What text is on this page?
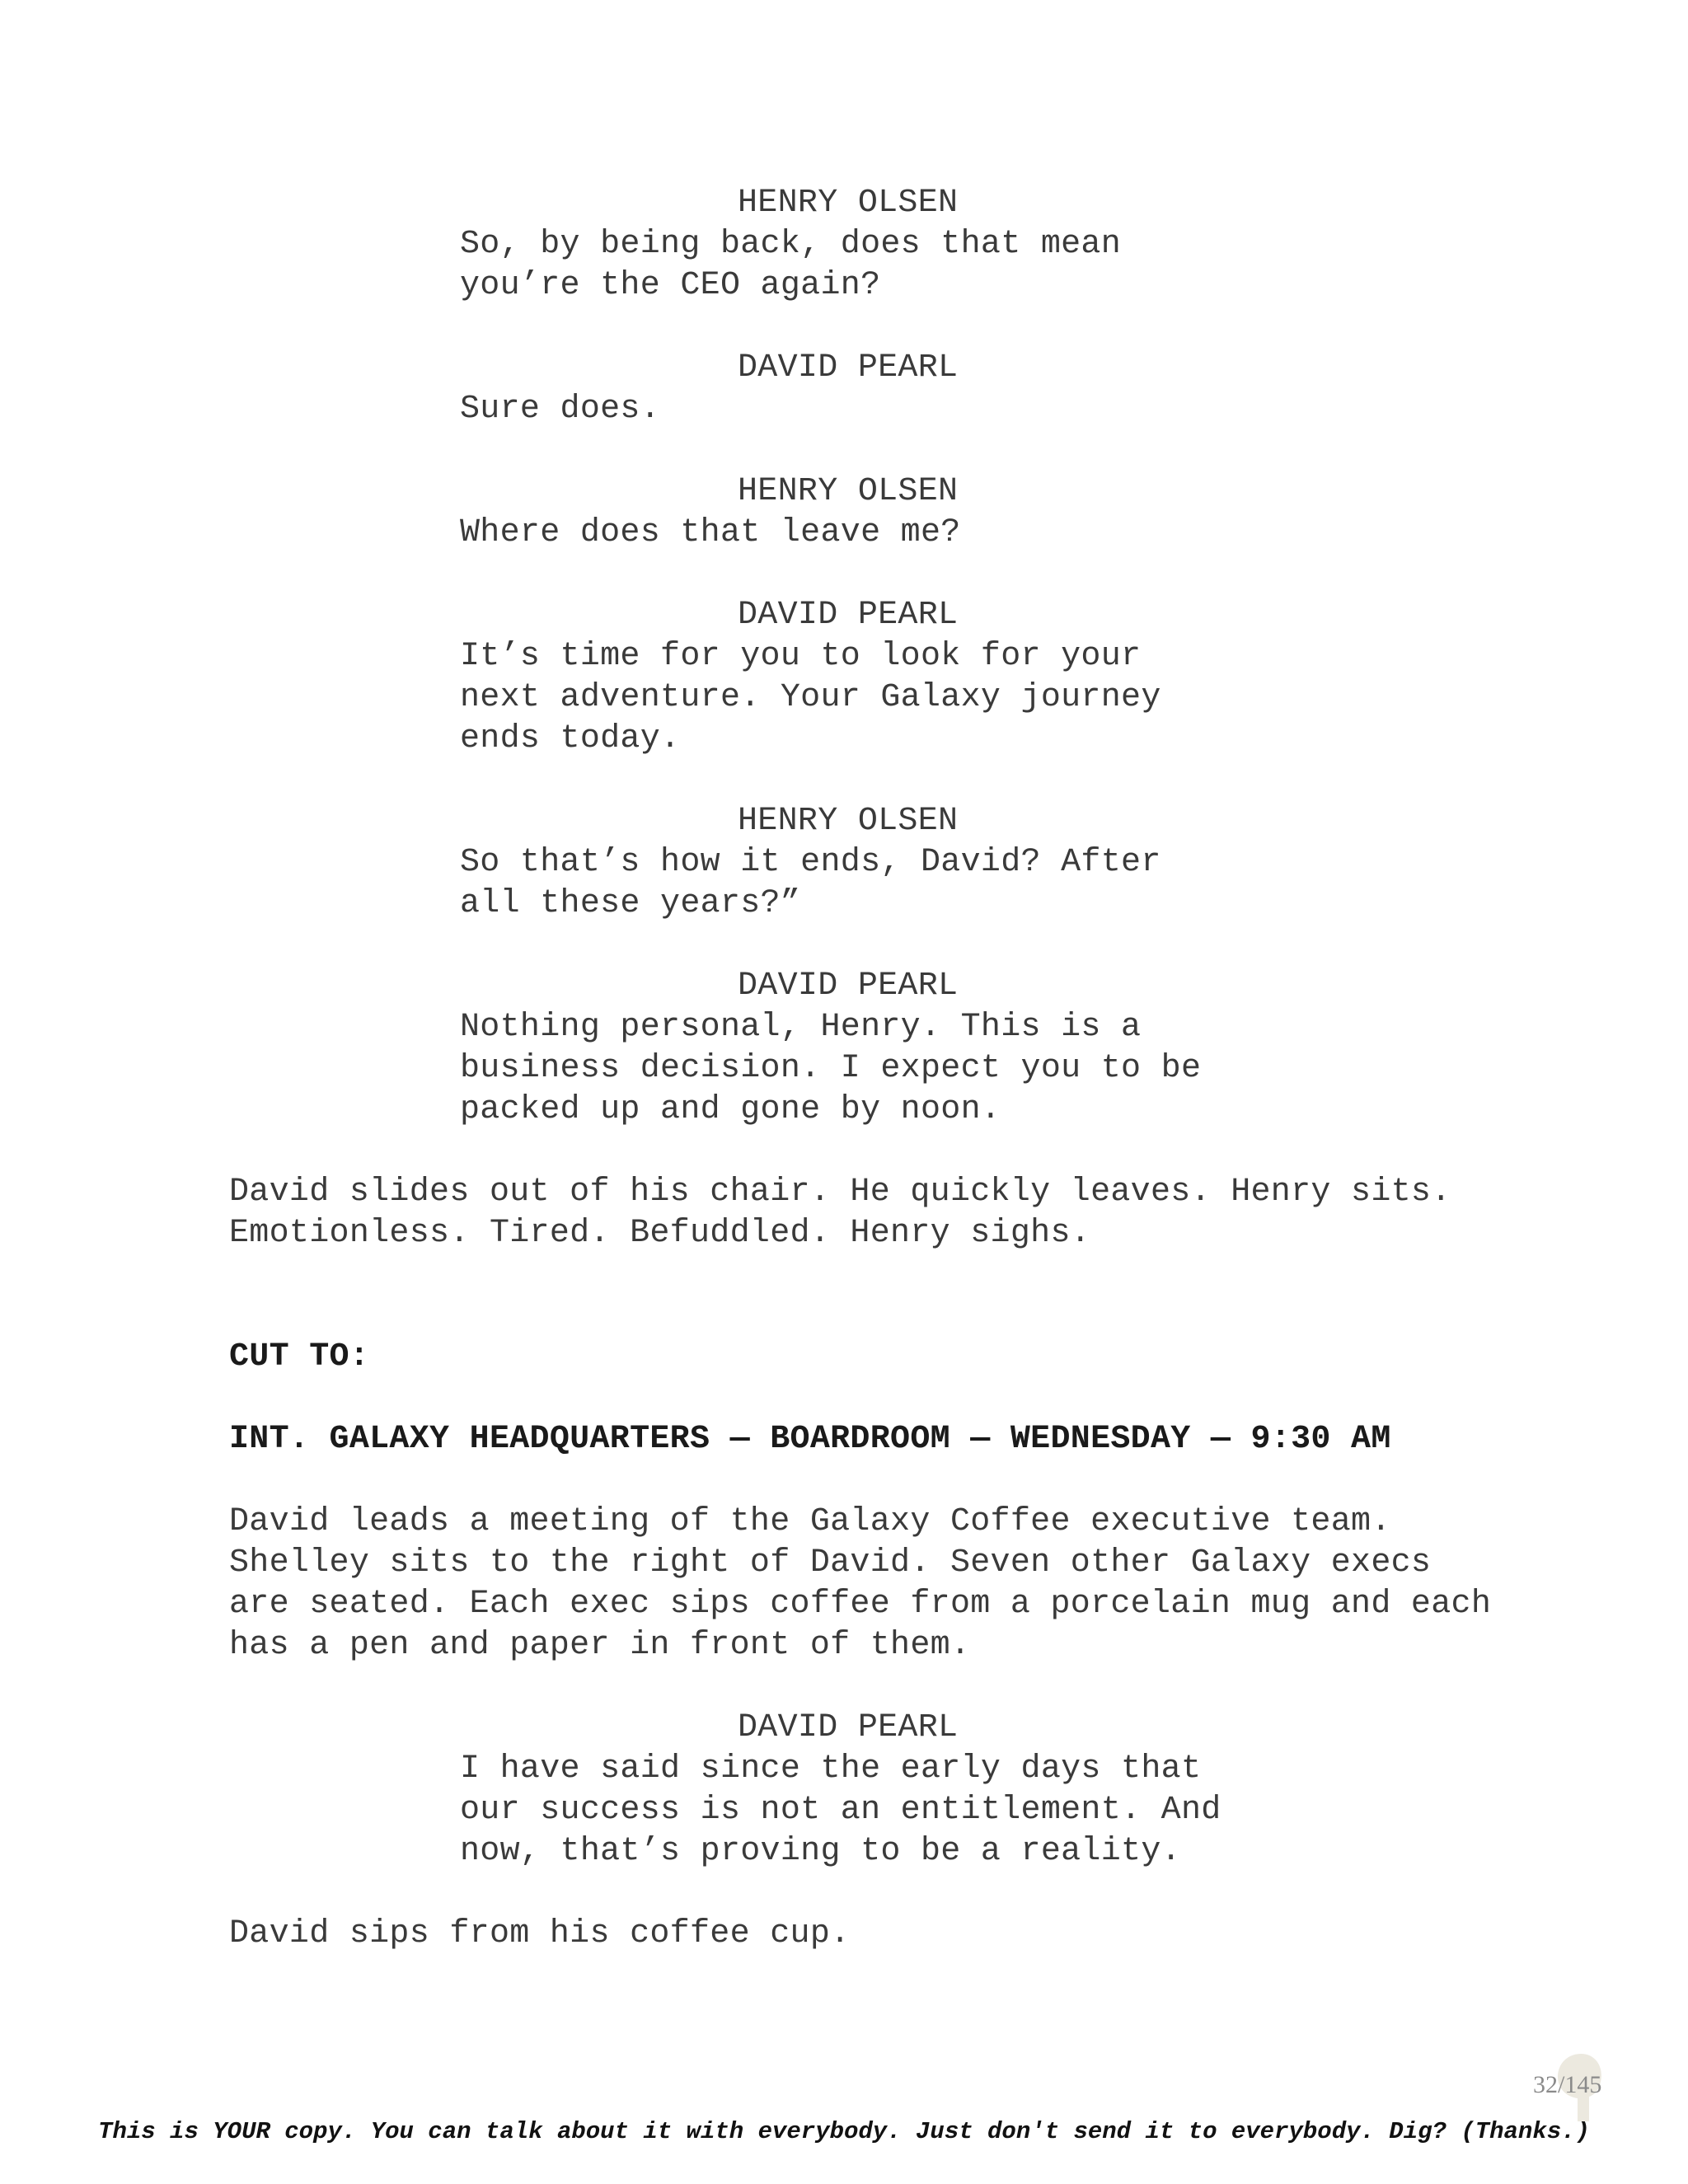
HENRY OLSEN
So, by being back, does that mean
you’re the CEO again?
DAVID PEARL
Sure does.
HENRY OLSEN
Where does that leave me?
DAVID PEARL
It’s time for you to look for your
next adventure. Your Galaxy journey
ends today.
HENRY OLSEN
So that’s how it ends, David? After
all these years?”
DAVID PEARL
Nothing personal, Henry. This is a
business decision. I expect you to be
packed up and gone by noon.
David slides out of his chair. He quickly leaves. Henry sits.
Emotionless. Tired. Befuddled. Henry sighs.
CUT TO:
INT. GALAXY HEADQUARTERS — BOARDROOM — WEDNESDAY — 9:30 AM
David leads a meeting of the Galaxy Coffee executive team.
Shelley sits to the right of David. Seven other Galaxy execs
are seated. Each exec sips coffee from a porcelain mug and each
has a pen and paper in front of them.
DAVID PEARL
I have said since the early days that
our success is not an entitlement. And
now, that’s proving to be a reality.
David sips from his coffee cup.
32/145
This is YOUR copy. You can talk about it with everybody. Just don't send it to everybody. Dig? (Thanks.)
